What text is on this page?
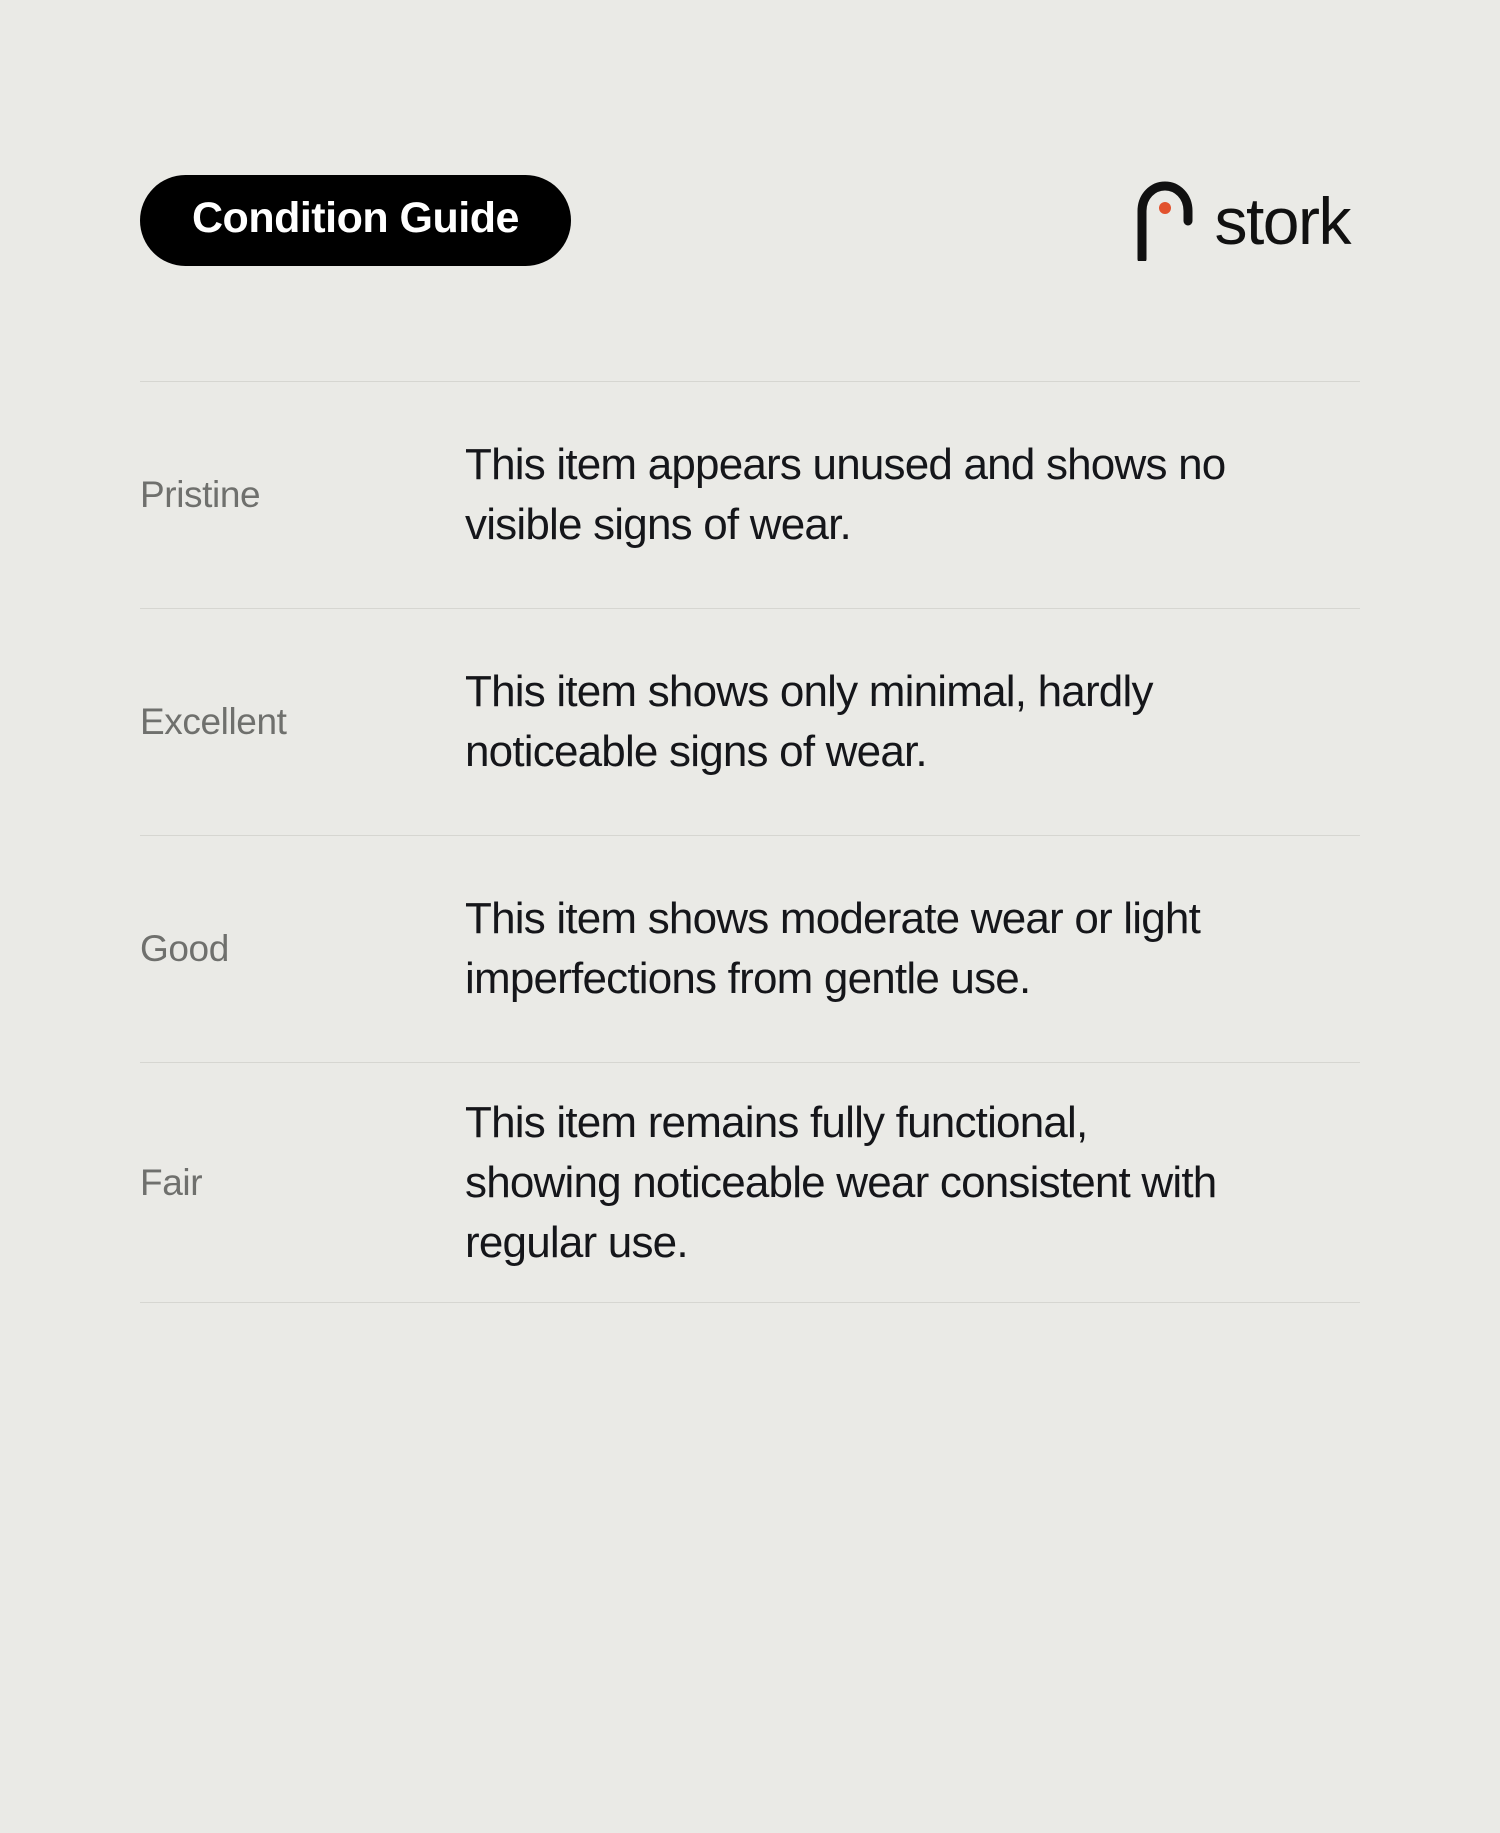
Condition Guide	stork
Pristine
This item appears unused and shows no visible signs of wear.
Excellent
This item shows only minimal, hardly noticeable signs of wear.
Good
This item shows moderate wear or light imperfections from gentle use.
Fair
This item remains fully functional, showing noticeable wear consistent with regular use.
